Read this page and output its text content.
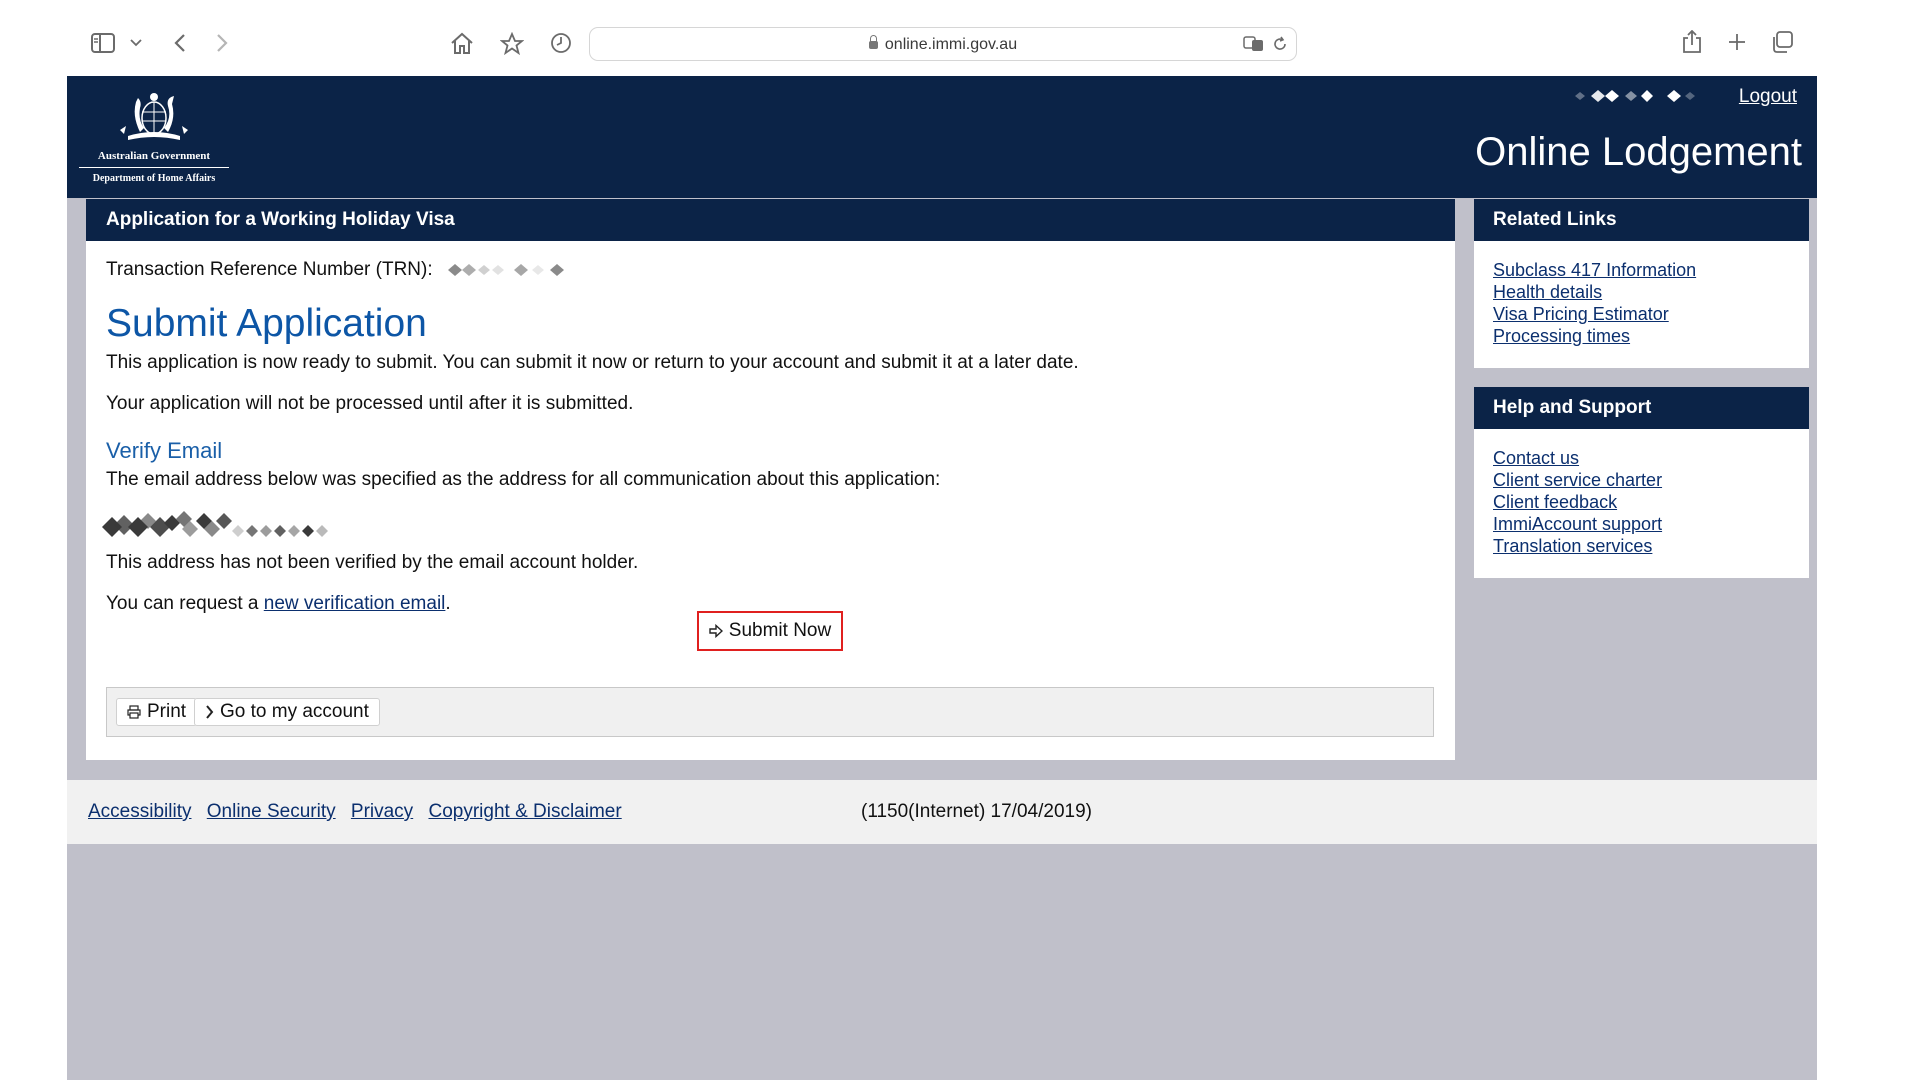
online.immi.gov.au
Australian Government
Department of Home Affairs
Logout
Online Lodgement
Application for a Working Holiday Visa
Transaction Reference Number (TRN):
Submit Application
This application is now ready to submit. You can submit it now or return to your account and submit it at a later date.
Your application will not be processed until after it is submitted.
Verify Email
The email address below was specified as the address for all communication about this application:
This address has not been verified by the email account holder.
You can request a new verification email.
Submit Now
Print Go to my account
Related Links
Subclass 417 Information
Health details
Visa Pricing Estimator
Processing times
Help and Support
Contact us
Client service charter
Client feedback
ImmiAccount support
Translation services
Accessibility Online Security Privacy Copyright & Disclaimer	(1150(Internet) 17/04/2019)
